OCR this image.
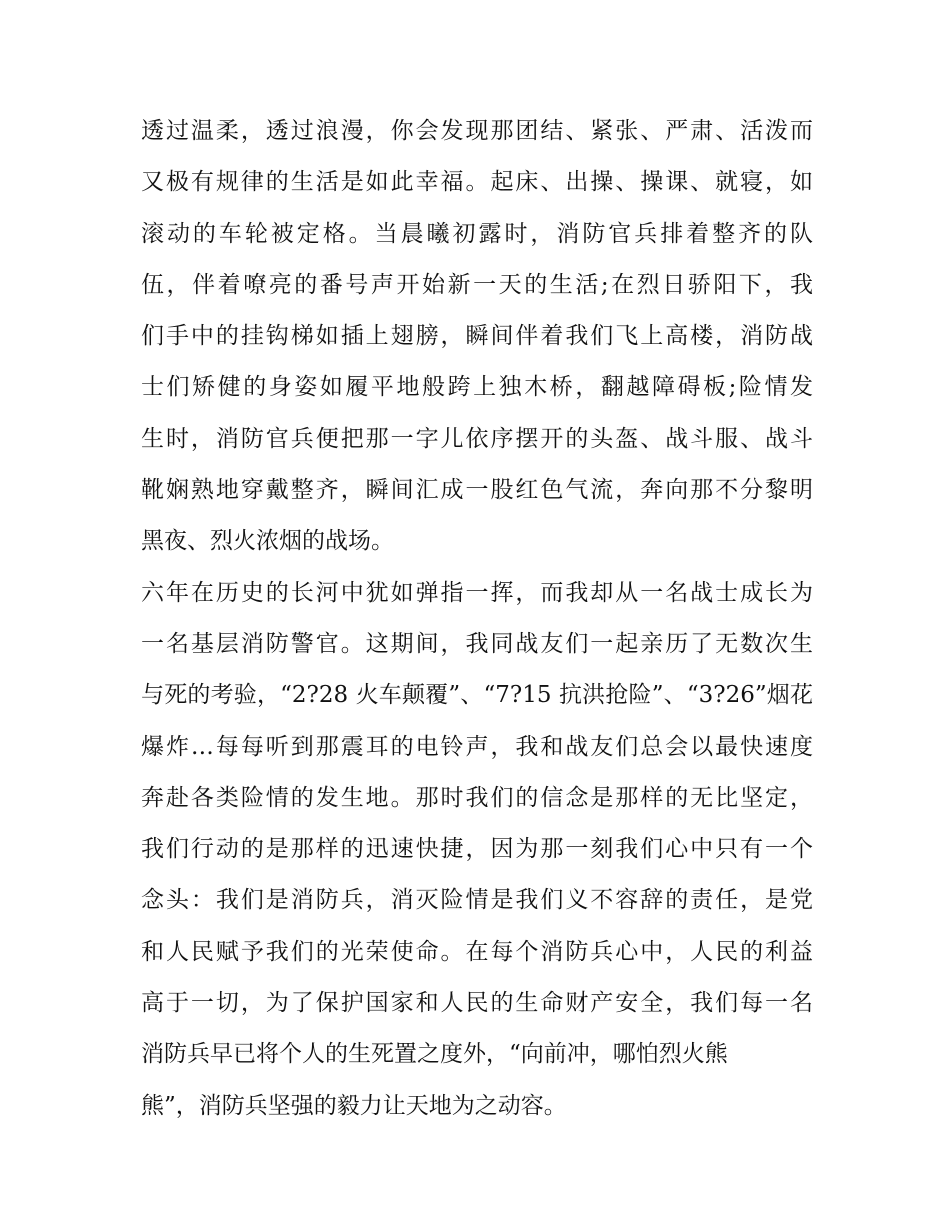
透过温柔，透过浪漫，你会发现那团结、紧张、严肃、活泼而
又极有规律的生活是如此幸福。起床、出操、操课、就寝，如
滚动的车轮被定格。当晨曦初露时，消防官兵排着整齐的队
伍，伴着嘹亮的番号声开始新一天的生活;在烈日骄阳下，我
们手中的挂钩梯如插上翅膀，瞬间伴着我们飞上高楼，消防战
士们矫健的身姿如履平地般跨上独木桥，翻越障碍板;险情发
生时，消防官兵便把那一字儿依序摆开的头盔、战斗服、战斗
靴娴熟地穿戴整齐，瞬间汇成一股红色气流，奔向那不分黎明
黑夜、烈火浓烟的战场。
六年在历史的长河中犹如弹指一挥，而我却从一名战士成长为
一名基层消防警官。这期间，我同战友们一起亲历了无数次生
与死的考验，“2?28 火车颠覆”、“7?15 抗洪抢险”、“3?26”烟花
爆炸…每每听到那震耳的电铃声，我和战友们总会以最快速度
奔赴各类险情的发生地。那时我们的信念是那样的无比坚定，
我们行动的是那样的迅速快捷，因为那一刻我们心中只有一个
念头：我们是消防兵，消灭险情是我们义不容辞的责任，是党
和人民赋予我们的光荣使命。在每个消防兵心中，人民的利益
高于一切，为了保护国家和人民的生命财产安全，我们每一名
消防兵早已将个人的生死置之度外，“向前冲，哪怕烈火熊
熊”，消防兵坚强的毅力让天地为之动容。
